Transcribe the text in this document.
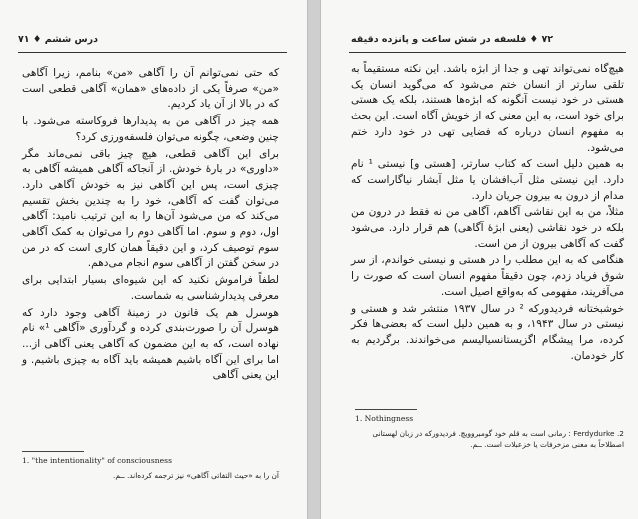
درس ششم ♦ ۷۱

که حتی نمی‌توانم آن را آگاهی «من» بنامم، زیرا آگاهی «من» صرفاً یکی از داده‌های «همان» آگاهی قطعی است که در بالا از آن یاد کردیم.

همه چیز در آگاهی من به پدیدارها فروکاسته می‌شود. با چنین وضعی، چگونه می‌توان فلسفه‌ورزی کرد؟

برای این آگاهی قطعی، هیچ چیز باقی نمی‌ماند مگر «داوری» در بارهٔ خودش. از آنجاکه آگاهی همیشه آگاهی به چیزی است، پس این آگاهی نیز به خودش آگاهی دارد. می‌توان گفت که آگاهی، خود را به چندین بخش تقسیم می‌کند که من می‌شود آن‌ها را به این ترتیب نامید: آگاهی اول، دوم و سوم. اما آگاهی دوم را می‌توان به کمک آگاهی سوم توصیف کرد، و این دقیقاً همان کاری است که در من در سخن گفتن از آگاهی سوم انجام می‌دهم.

لطفاً فراموش نکنید که این شیوه‌ای بسیار ابتدایی برای معرفی پدیدارشناسی به شماست.

هوسرل هم یک قانون در زمینهٔ آگاهی وجود دارد که هوسرل آن را صورت‌بندی کرده و گردآوری «آگاهی ¹» نام نهاده است، که به این مضمون که آگاهی یعنی آگاهی از... اما برای این آگاه باشیم همیشه باید آگاه به چیزی باشیم. و این یعنی آگاهی

1. "the intentionality" of consciousness
آن را به «حیث التفاتی آگاهی» نیز ترجمه کرده‌اند. ــم.
۷۲ ♦ فلسفه در شش ساعت و پانزده دقیقه

هیچ‌گاه نمی‌تواند تهی و جدا از ابژه باشد. این نکته مستقیماً به تلقی سارتر از انسان ختم می‌شود که می‌گوید انسان یک هستی در خود نیست آنگونه که ابژه‌ها هستند، بلکه یک هستی برای خود است، به این معنی که از خویش آگاه است. این بحث به مفهوم انسان درباره که فضایی تهی در خود دارد ختم می‌شود.

به همین دلیل است که کتاب سارتر، [هستی و] نیستی ¹ نام دارد. این نیستی مثل آب‌افشان یا مثل آبشار نیاگاراست که مدام از درون به بیرون جریان دارد.

مثلاً، من به این نقاشی آگاهم، آگاهی من نه فقط در درون من بلکه در خود نقاشی (یعنی ابژهٔ آگاهی) هم قرار دارد. می‌شود گفت که آگاهی بیرون از من است.

هنگامی که به این مطلب را در هستی و نیستی خواندم، از سر شوق فریاد زدم، چون دقیقاً مفهوم انسان است که صورت را می‌آفریند، مفهومی که به‌واقع اصیل است.

خوشبختانه فردیدورکه ² در سال ۱۹۳۷ منتشر شد و هستی و نیستی در سال ۱۹۴۳، و به همین دلیل است که بعضی‌ها فکر کرده، مرا پیشگام اگزیستانسیالیسم می‌خواندند. برگردیم به کار خودمان.

1. Nothingness
2. Ferdydurke : رمانی است به قلم خود گومبروویچ. فردیدورکه در زبان لهستانی اصطلاحاً به معنی مزخرفات یا خزعبلات است. ــم.
